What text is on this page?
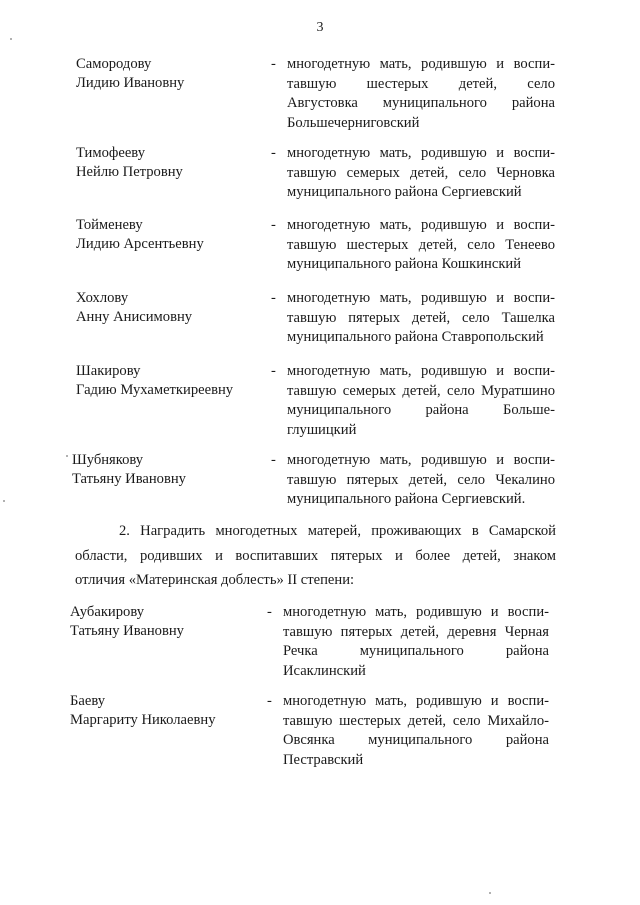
3
Самородову
Лидию Ивановну
- многодетную мать, родившую и воспи-
тавшую шестерых детей, село
Августовка муниципального района
Большечерниговский
Тимофееву
Нейлю Петровну
- многодетную мать, родившую и воспи-
тавшую семерых детей, село Черновка
муниципального района Сергиевский
Тойменеву
Лидию Арсентьевну
- многодетную мать, родившую и воспи-
тавшую шестерых детей, село Тенеево
муниципального района Кошкинский
Хохлову
Анну Анисимовну
- многодетную мать, родившую и воспи-
тавшую пятерых детей, село Ташелка
муниципального района Ставропольский
Шакирову
Гадию Мухаметкиреевну
- многодетную мать, родившую и воспи-
тавшую семерых детей, село Муратшино
муниципального района Больше-
глушицкий
Шубнякову
Татьяну Ивановну
- многодетную мать, родившую и воспи-
тавшую пятерых детей, село Чекалино
муниципального района Сергиевский.
2. Наградить многодетных матерей, проживающих в Самарской
области, родивших и воспитавших пятерых и более детей, знаком
отличия «Материнская доблесть» II степени:
Аубакирову
Татьяну Ивановну
- многодетную мать, родившую и воспи-
тавшую пятерых детей, деревня Черная
Речка муниципального района
Исаклинский
Баеву
Маргариту Николаевну
- многодетную мать, родившую и воспи-
тавшую шестерых детей, село Михайло-
Овсянка муниципального района
Пестравский
